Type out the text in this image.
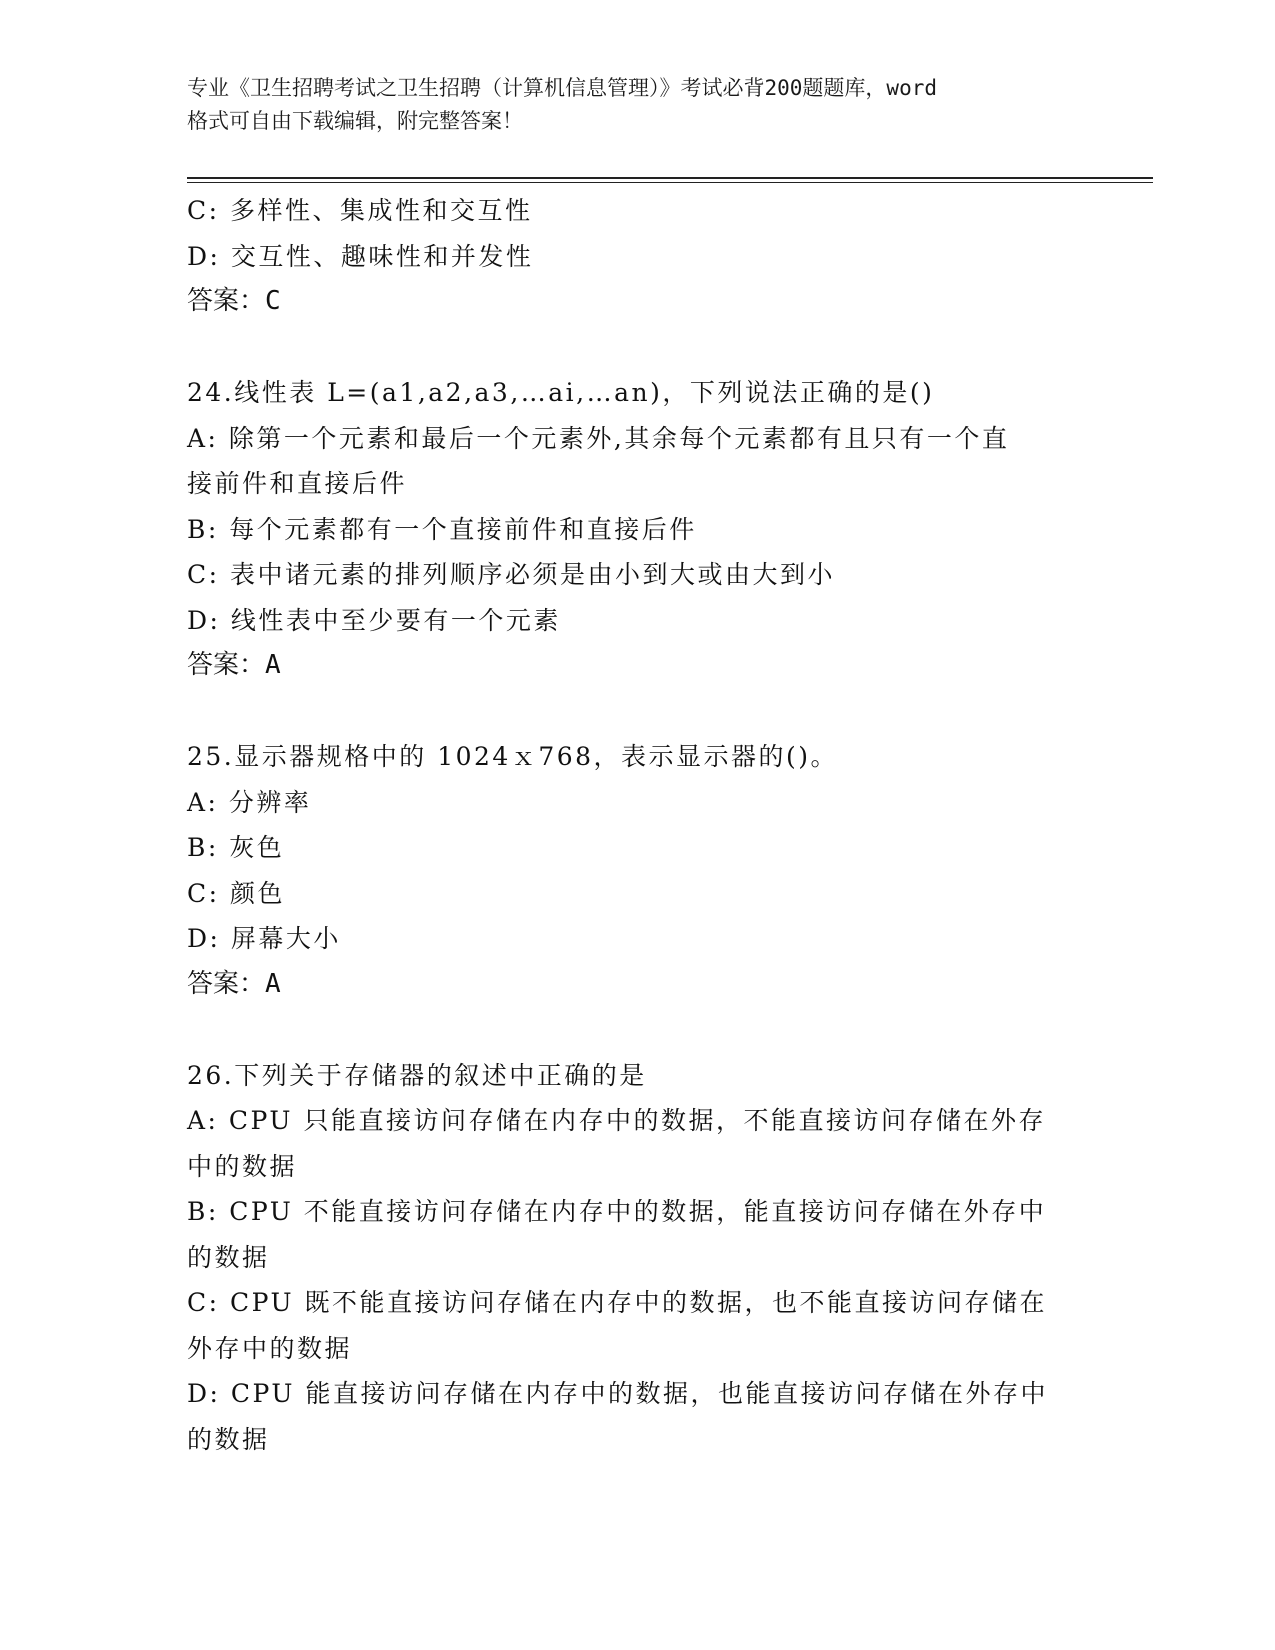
专业《卫生招聘考试之卫生招聘（计算机信息管理）》考试必背200题题库，word
格式可自由下载编辑，附完整答案！
C: 多样性、集成性和交互性
D: 交互性、趣味性和并发性
答案：C
24.线性表 L=(a1,a2,a3,…ai,…an)，下列说法正确的是()
A: 除第一个元素和最后一个元素外,其余每个元素都有且只有一个直
接前件和直接后件
B: 每个元素都有一个直接前件和直接后件
C: 表中诸元素的排列顺序必须是由小到大或由大到小
D: 线性表中至少要有一个元素
答案：A
25.显示器规格中的 1024ｘ768，表示显示器的()。
A: 分辨率
B: 灰色
C: 颜色
D: 屏幕大小
答案：A
26.下列关于存储器的叙述中正确的是
A: CPU 只能直接访问存储在内存中的数据，不能直接访问存储在外存
中的数据
B: CPU 不能直接访问存储在内存中的数据，能直接访问存储在外存中
的数据
C: CPU 既不能直接访问存储在内存中的数据，也不能直接访问存储在
外存中的数据
D: CPU 能直接访问存储在内存中的数据，也能直接访问存储在外存中
的数据
